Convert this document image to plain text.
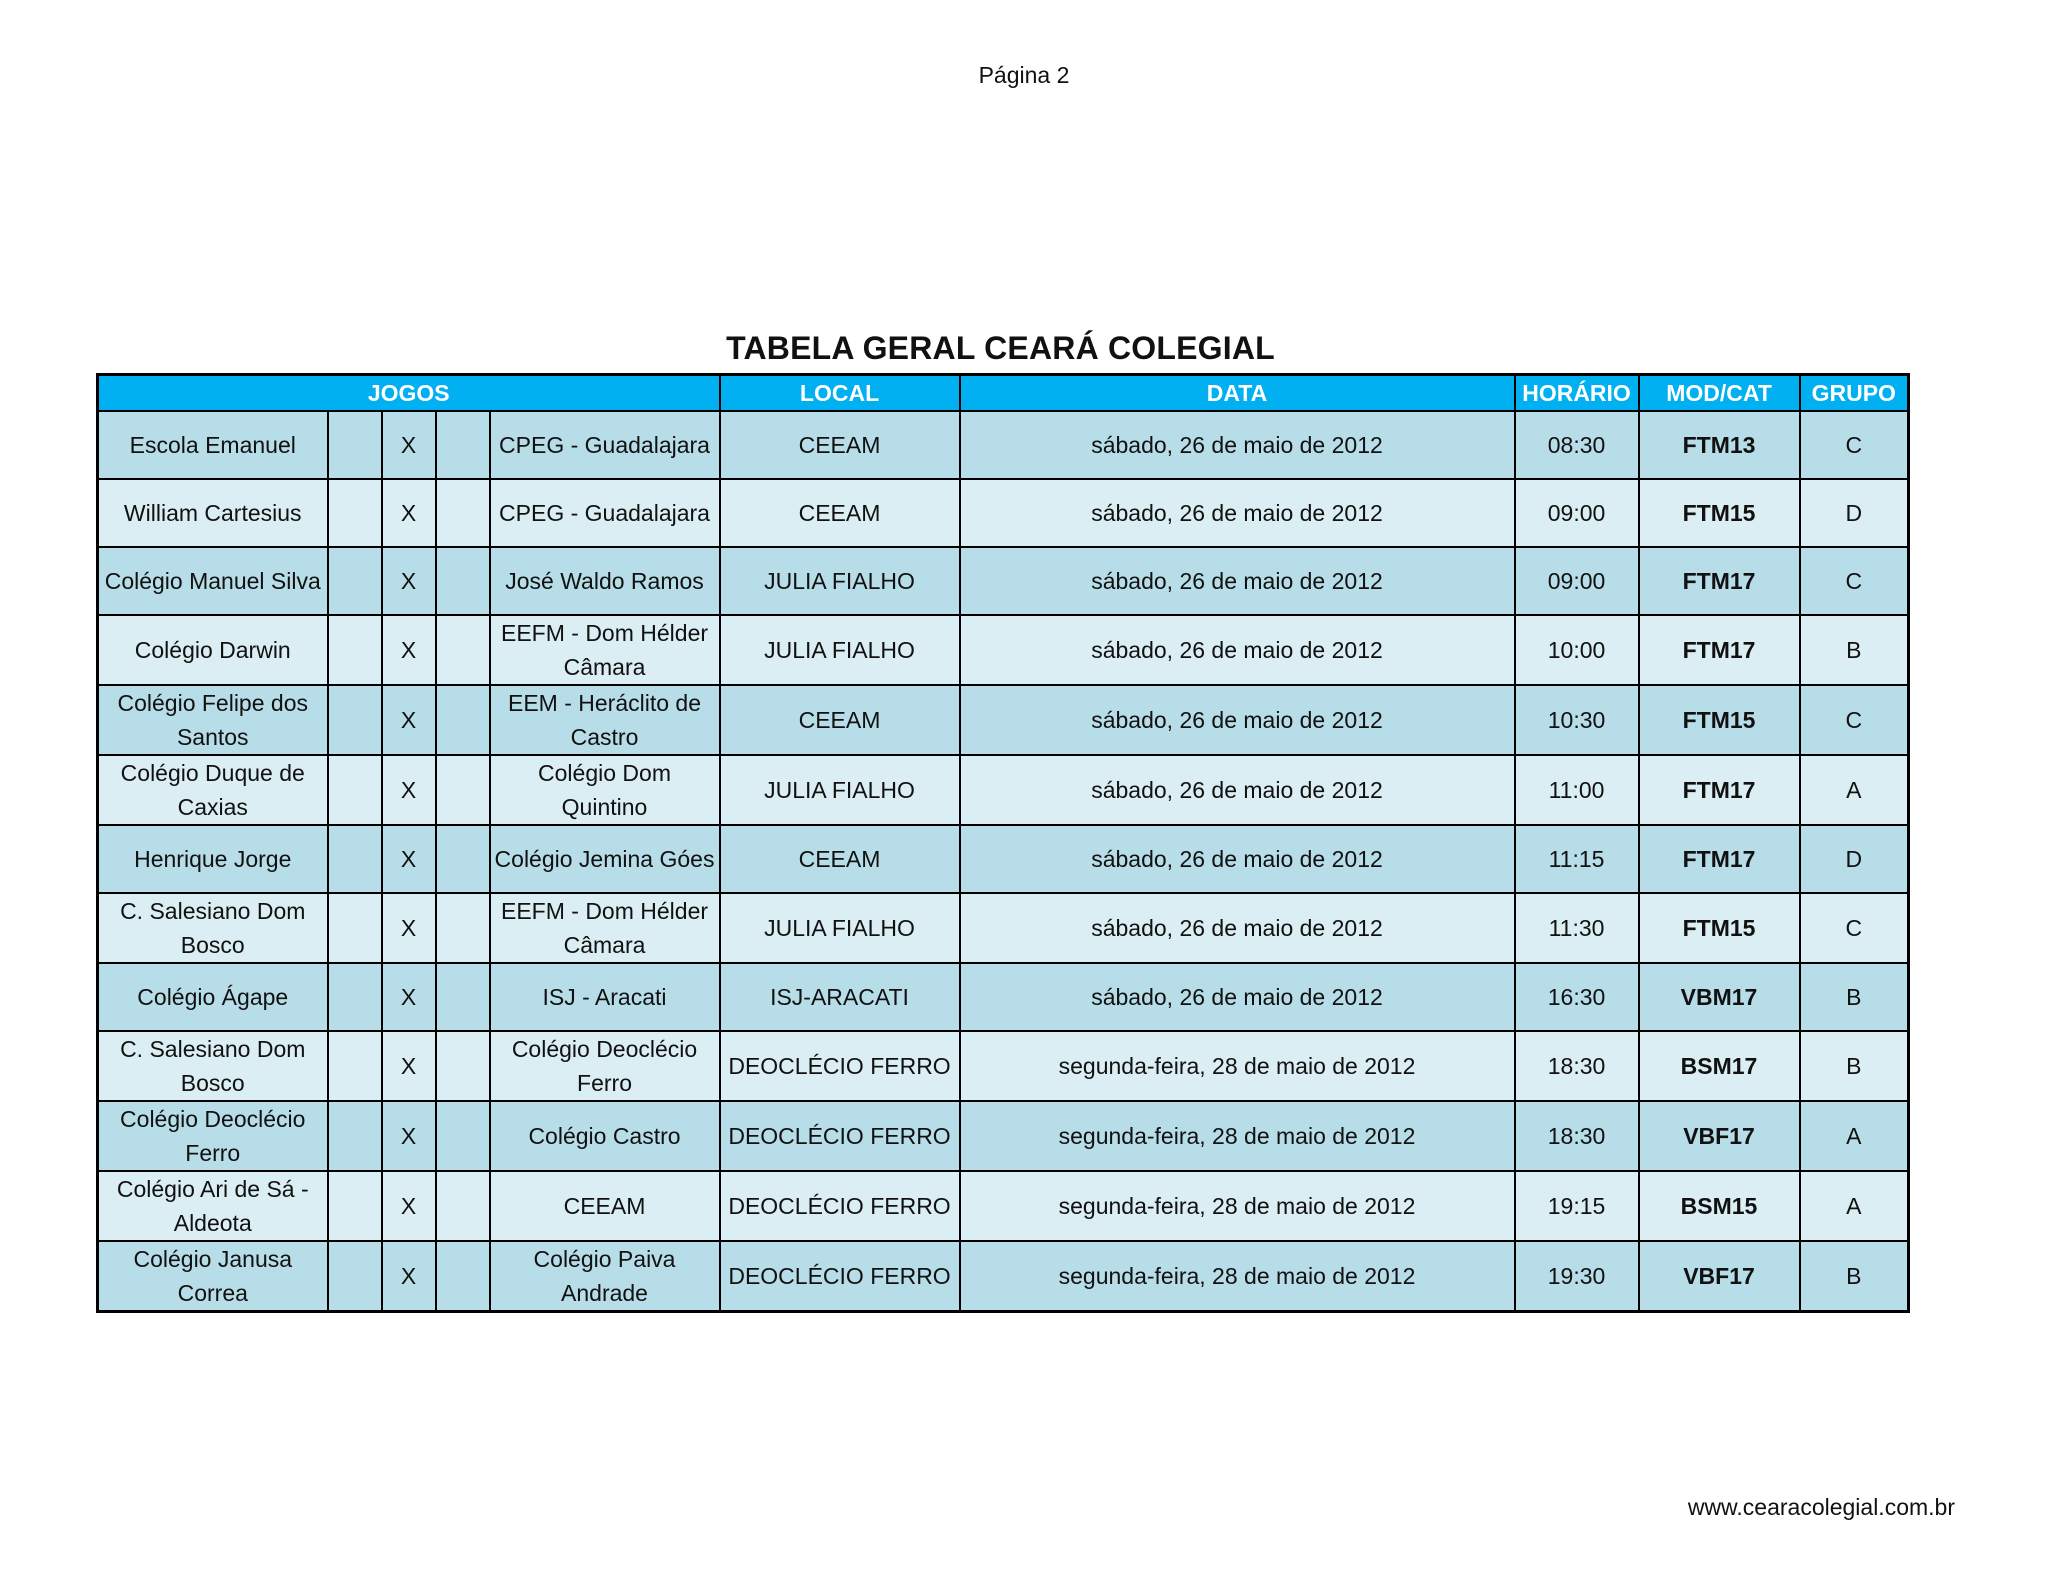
Página 2
TABELA GERAL CEARÁ COLEGIAL
JOGOS					LOCAL	DATA	HORÁRIO	MOD/CAT	GRUPO
Escola Emanuel		X		CPEG - Guadalajara	CEEAM	sábado, 26 de maio de 2012	08:30	FTM13	C
William Cartesius		X		CPEG - Guadalajara	CEEAM	sábado, 26 de maio de 2012	09:00	FTM15	D
Colégio Manuel Silva		X		José Waldo Ramos	JULIA FIALHO	sábado, 26 de maio de 2012	09:00	FTM17	C
Colégio Darwin		X		EEFM - Dom Hélder Câmara	JULIA FIALHO	sábado, 26 de maio de 2012	10:00	FTM17	B
Colégio Felipe dos Santos		X		EEM - Heráclito de Castro	CEEAM	sábado, 26 de maio de 2012	10:30	FTM15	C
Colégio Duque de Caxias		X		Colégio Dom Quintino	JULIA FIALHO	sábado, 26 de maio de 2012	11:00	FTM17	A
Henrique Jorge		X		Colégio Jemina Góes	CEEAM	sábado, 26 de maio de 2012	11:15	FTM17	D
C. Salesiano Dom Bosco		X		EEFM - Dom Hélder Câmara	JULIA FIALHO	sábado, 26 de maio de 2012	11:30	FTM15	C
Colégio Ágape		X		ISJ - Aracati	ISJ-ARACATI	sábado, 26 de maio de 2012	16:30	VBM17	B
C. Salesiano Dom Bosco		X		Colégio Deoclécio Ferro	DEOCLÉCIO FERRO	segunda-feira, 28 de maio de 2012	18:30	BSM17	B
Colégio Deoclécio Ferro		X		Colégio Castro	DEOCLÉCIO FERRO	segunda-feira, 28 de maio de 2012	18:30	VBF17	A
Colégio Ari de Sá - Aldeota		X		CEEAM	DEOCLÉCIO FERRO	segunda-feira, 28 de maio de 2012	19:15	BSM15	A
Colégio Janusa Correa		X		Colégio Paiva Andrade	DEOCLÉCIO FERRO	segunda-feira, 28 de maio de 2012	19:30	VBF17	B
www.cearacolegial.com.br
